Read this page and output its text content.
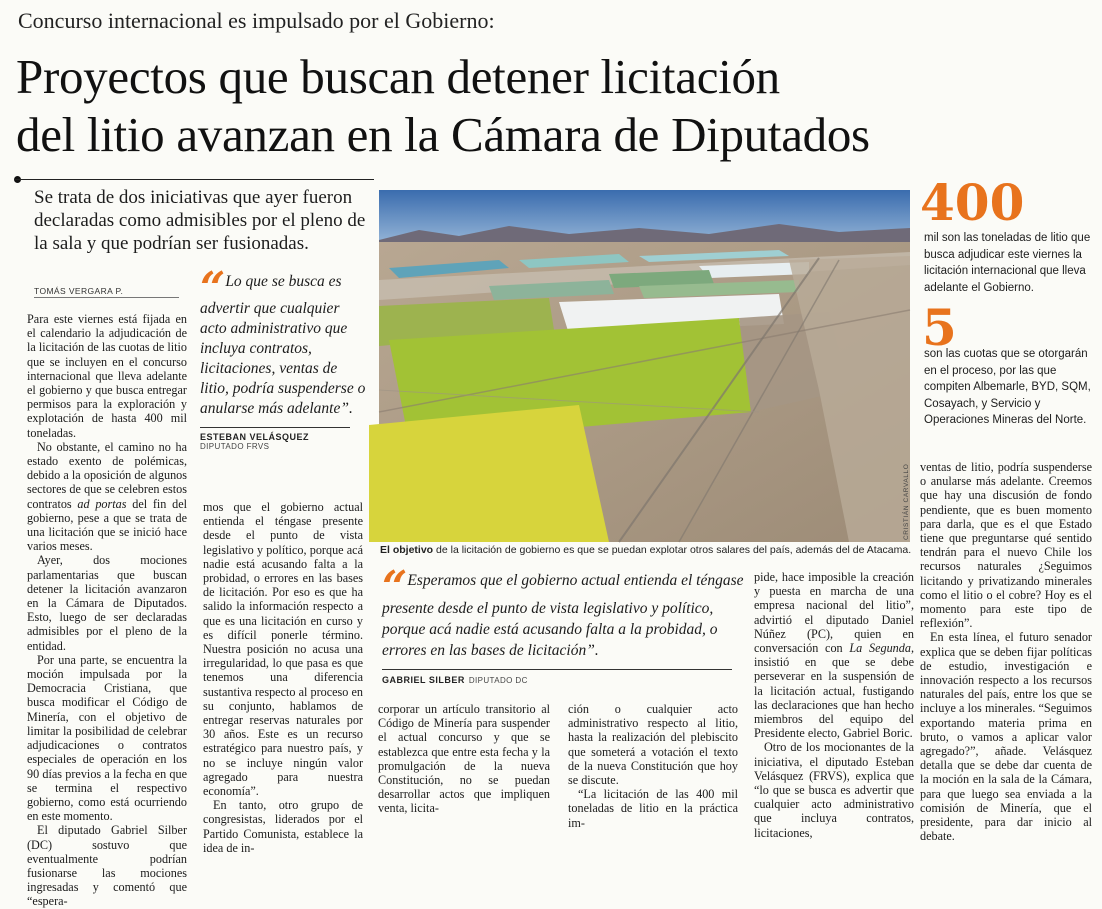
Concurso internacional es impulsado por el Gobierno:
Proyectos que buscan detener licitación
del litio avanzan en la Cámara de Diputados
Se trata de dos iniciativas que ayer fueron declaradas como admisibles por el pleno de la sala y que podrían ser fusionadas.
TOMÁS VERGARA P.

Para este viernes está fijada en el calendario la adjudicación de la licitación de las cuotas de litio que se incluyen en el concurso internacional que lleva adelante el gobierno y que busca entregar permisos para la exploración y explotación de hasta 400 mil toneladas.

No obstante, el camino no ha estado exento de polémicas, debido a la oposición de algunos sectores de que se celebren estos contratos ad portas del fin del gobierno, pese a que se trata de una licitación que se inició hace varios meses.

Ayer, dos mociones parlamentarias que buscan detener la licitación avanzaron en la Cámara de Diputados. Esto, luego de ser declaradas admisibles por el pleno de la entidad.

Por una parte, se encuentra la moción impulsada por la Democracia Cristiana, que busca modificar el Código de Minería, con el objetivo de limitar la posibilidad de celebrar adjudicaciones o contratos especiales de operación en los 90 días previos a la fecha en que se termina el respectivo gobierno, como está ocurriendo en este momento.

El diputado Gabriel Silber (DC) sostuvo que eventualmente podrían fusionarse las mociones ingresadas y comentó que “espera-

“ Lo que se busca es advertir que cualquier acto administrativo que incluya contratos, licitaciones, ventas de litio, podría suspenderse o anularse más adelante”.
ESTEBAN VELÁSQUEZ
DIPUTADO FRVS

mos que el gobierno actual entienda el téngase presente desde el punto de vista legislativo y político, porque acá nadie está acusando falta a la probidad, o errores en las bases de licitación. Por eso es que ha salido la información respecto a que es una licitación en curso y es difícil ponerle término. Nuestra posición no acusa una irregularidad, lo que pasa es que tenemos una diferencia sustantiva respecto al proceso en su conjunto, hablamos de entregar reservas naturales por 30 años. Este es un recurso estratégico para nuestro país, y no se incluye ningún valor agregado para nuestra economía”.

En tanto, otro grupo de congresistas, liderados por el Partido Comunista, establece la idea de in-

CRISTIÁN CARVALLO
El objetivo de la licitación de gobierno es que se puedan explotar otros salares del país, además del de Atacama.
400
mil son las toneladas de litio que busca adjudicar este viernes la licitación internacional que lleva adelante el Gobierno.
5
son las cuotas que se otorgarán en el proceso, por las que compiten Albemarle, BYD, SQM, Cosayach, y Servicio y Operaciones Mineras del Norte.
“ Esperamos que el gobierno actual entienda el téngase presente desde el punto de vista legislativo y político, porque acá nadie está acusando falta a la probidad, o errores en las bases de licitación”.
GABRIEL SILBER DIPUTADO DC

corporar un artículo transitorio al Código de Minería para suspender el actual concurso y que se establezca que entre esta fecha y la promulgación de la nueva Constitución, no se puedan desarrollar actos que impliquen venta, licita-

ción o cualquier acto administrativo respecto al litio, hasta la realización del plebiscito que someterá a votación el texto de la nueva Constitución que hoy se discute.

“La licitación de las 400 mil toneladas de litio en la práctica im-

pide, hace imposible la creación y puesta en marcha de una empresa nacional del litio”, advirtió el diputado Daniel Núñez (PC), quien en conversación con La Segunda, insistió en que se debe perseverar en la suspensión de la licitación actual, fustigando las declaraciones que han hecho miembros del equipo del Presidente electo, Gabriel Boric.

Otro de los mocionantes de la iniciativa, el diputado Esteban Velásquez (FRVS), explica que “lo que se busca es advertir que cualquier acto administrativo que incluya contratos, licitaciones,

ventas de litio, podría suspenderse o anularse más adelante. Creemos que hay una discusión de fondo pendiente, que es buen momento para darla, que es el que Estado tiene que preguntarse qué sentido tendrán para el nuevo Chile los recursos naturales ¿Seguimos licitando y privatizando minerales como el litio o el cobre? Hoy es el momento para este tipo de reflexión”.

En esta línea, el futuro senador explica que se deben fijar políticas de estudio, investigación e innovación respecto a los recursos naturales del país, entre los que se incluye a los minerales. “Seguimos exportando materia prima en bruto, o vamos a aplicar valor agregado?”, añade. Velásquez detalla que se debe dar cuenta de la moción en la sala de la Cámara, para que luego sea enviada a la comisión de Minería, que el presidente, para dar inicio al debate.
